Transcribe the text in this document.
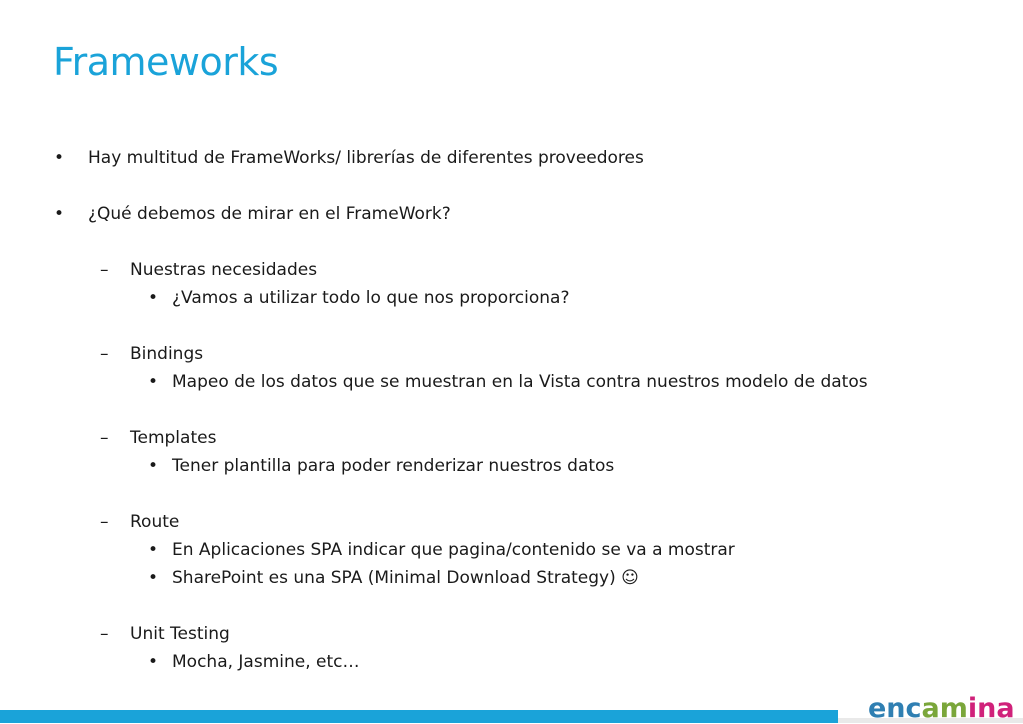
Frameworks
• Hay multitud de FrameWorks/ librerías de diferentes proveedores
• ¿Qué debemos de mirar en el FrameWork?
– Nuestras necesidades
• ¿Vamos a utilizar todo lo que nos proporciona?
– Bindings
• Mapeo de los datos que se muestran en la Vista contra nuestros modelo de datos
– Templates
• Tener plantilla para poder renderizar nuestros datos
– Route
• En Aplicaciones SPA indicar que pagina/contenido se va a mostrar
• SharePoint es una SPA (Minimal Download Strategy) ☺
– Unit Testing
• Mocha, Jasmine, etc…
encamina
